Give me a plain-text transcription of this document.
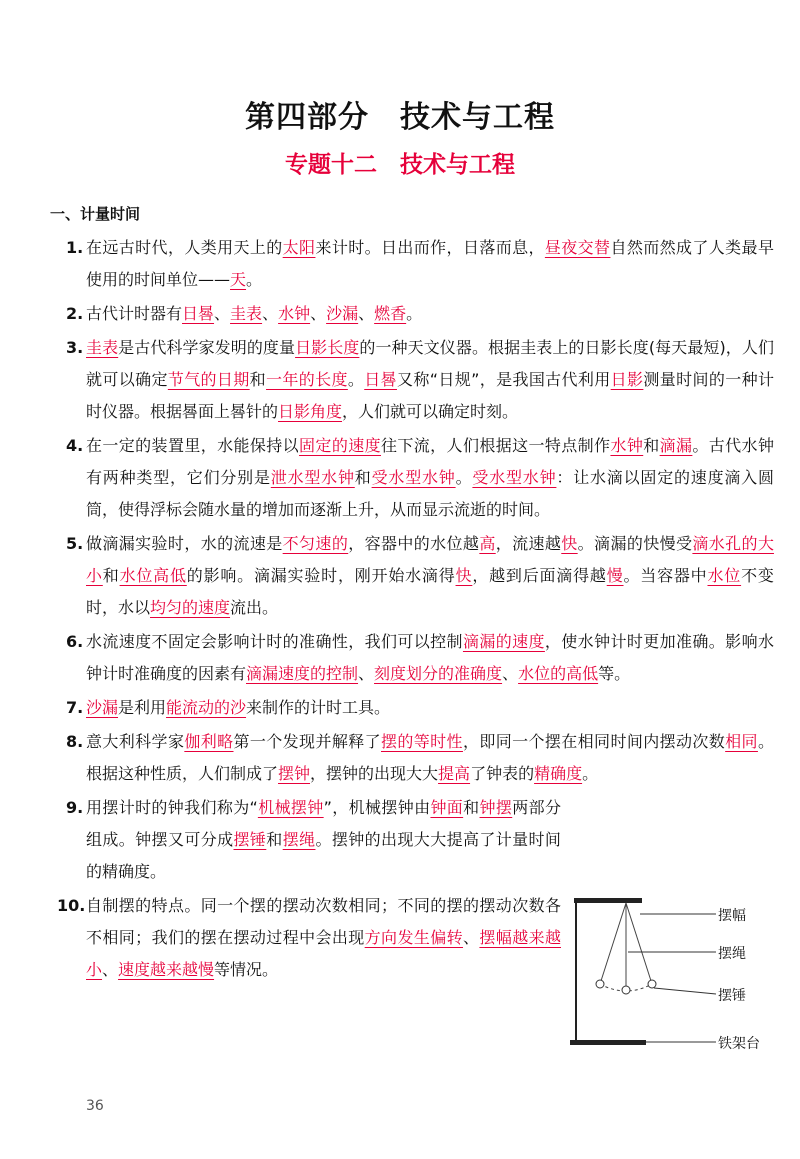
第四部分　技术与工程
专题十二　技术与工程
一、计量时间
1. 在远古时代，人类用天上的太阳来计时。日出而作，日落而息，昼夜交替自然而然成了人类最早使用的时间单位——天。
2. 古代计时器有日晷、圭表、水钟、沙漏、燃香。
3. 圭表是古代科学家发明的度量日影长度的一种天文仪器。根据圭表上的日影长度(每天最短)，人们就可以确定节气的日期和一年的长度。日晷又称“日规”，是我国古代利用日影测量时间的一种计时仪器。根据晷面上晷针的日影角度，人们就可以确定时刻。
4. 在一定的装置里，水能保持以固定的速度往下流，人们根据这一特点制作水钟和滴漏。古代水钟有两种类型，它们分别是泄水型水钟和受水型水钟。受水型水钟：让水滴以固定的速度滴入圆筒，使得浮标会随水量的增加而逐渐上升，从而显示流逝的时间。
5. 做滴漏实验时，水的流速是不匀速的，容器中的水位越高，流速越快。滴漏的快慢受滴水孔的大小和水位高低的影响。滴漏实验时，刚开始水滴得快，越到后面滴得越慢。当容器中水位不变时，水以均匀的速度流出。
6. 水流速度不固定会影响计时的准确性，我们可以控制滴漏的速度，使水钟计时更加准确。影响水钟计时准确度的因素有滴漏速度的控制、刻度划分的准确度、水位的高低等。
7. 沙漏是利用能流动的沙来制作的计时工具。
8. 意大利科学家伽利略第一个发现并解释了摆的等时性，即同一个摆在相同时间内摆动次数相同。根据这种性质，人们制成了摆钟，摆钟的出现大大提高了钟表的精确度。
9. 用摆计时的钟我们称为“机械摆钟”，机械摆钟由钟面和钟摆两部分组成。钟摆又可分成摆锤和摆绳。摆钟的出现大大提高了计量时间的精确度。
10. 自制摆的特点。同一个摆的摆动次数相同；不同的摆的摆动次数各不相同；我们的摆在摆动过程中会出现方向发生偏转、摆幅越来越小、速度越来越慢等情况。
摆幅
摆绳
摆锤
铁架台
36
